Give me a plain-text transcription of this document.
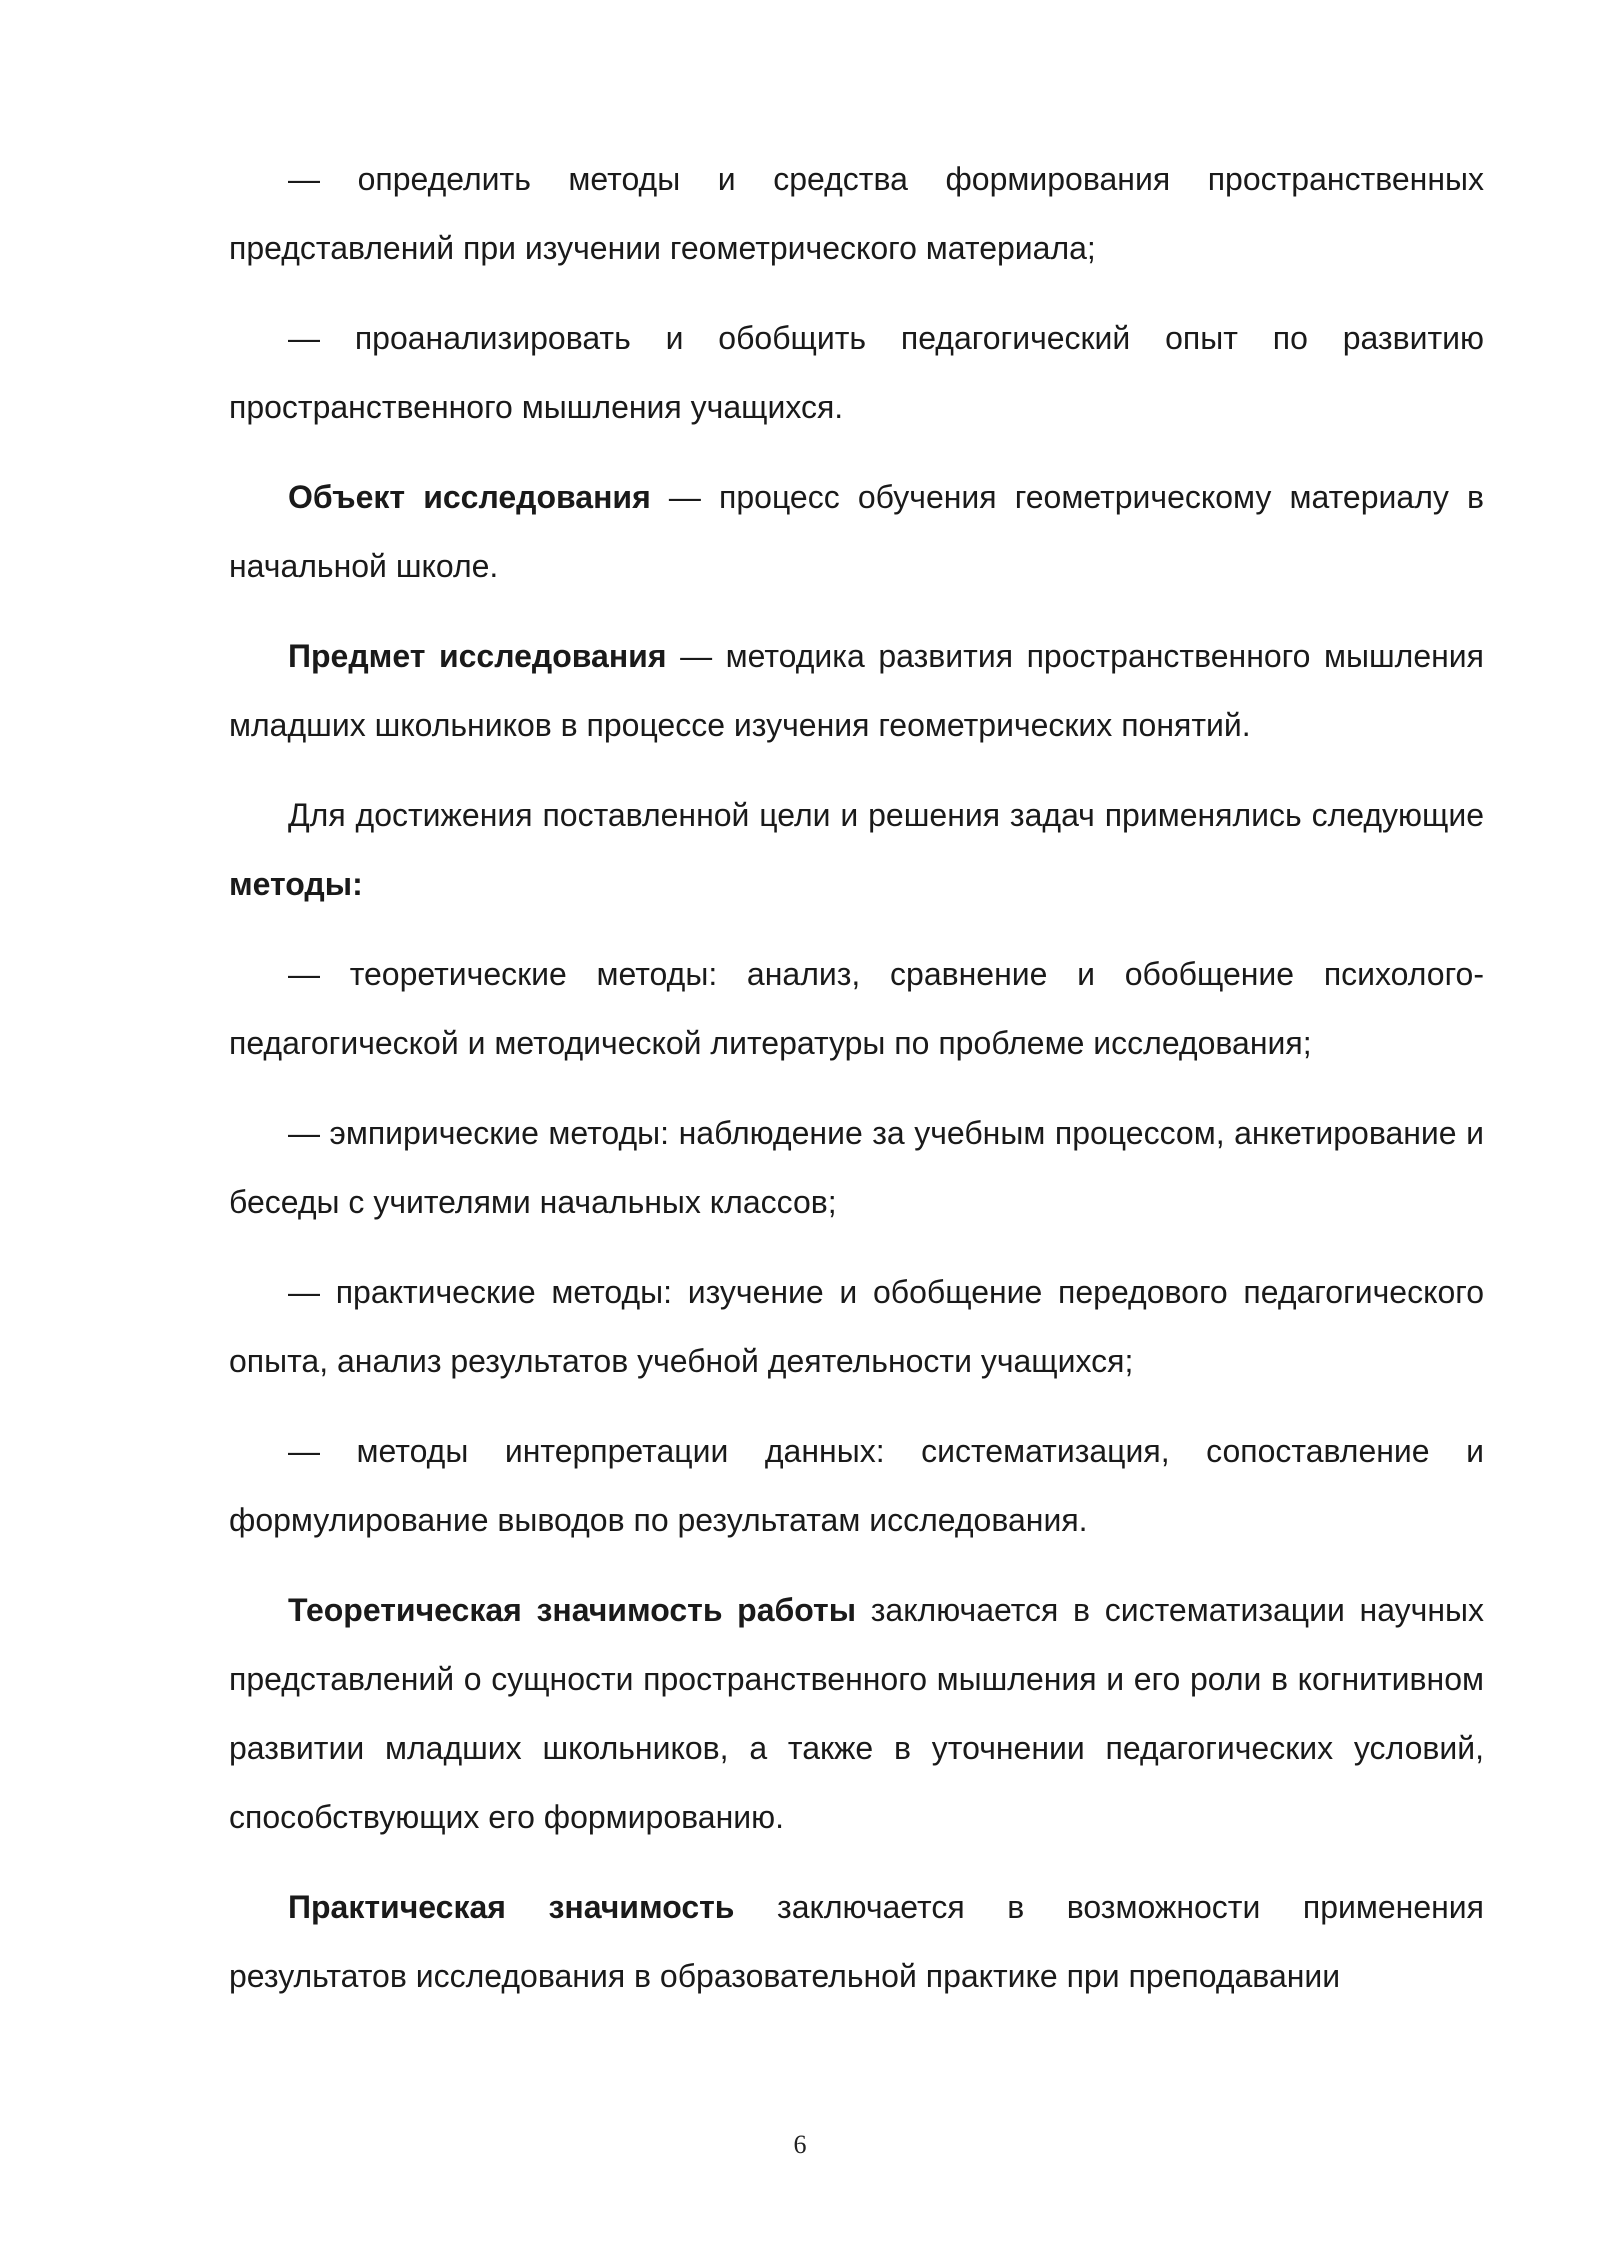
— определить методы и средства формирования пространственных представлений при изучении геометрического материала;

— проанализировать и обобщить педагогический опыт по развитию пространственного мышления учащихся.

Объект исследования — процесс обучения геометрическому материалу в начальной школе.

Предмет исследования — методика развития пространственного мышления младших школьников в процессе изучения геометрических понятий.

Для достижения поставленной цели и решения задач применялись следующие методы:

— теоретические методы: анализ, сравнение и обобщение психолого-педагогической и методической литературы по проблеме исследования;

— эмпирические методы: наблюдение за учебным процессом, анкетирование и беседы с учителями начальных классов;

— практические методы: изучение и обобщение передового педагогического опыта, анализ результатов учебной деятельности учащихся;

— методы интерпретации данных: систематизация, сопоставление и формулирование выводов по результатам исследования.

Теоретическая значимость работы заключается в систематизации научных представлений о сущности пространственного мышления и его роли в когнитивном развитии младших школьников, а также в уточнении педагогических условий, способствующих его формированию.

Практическая значимость заключается в возможности применения результатов исследования в образовательной практике при преподавании

6
